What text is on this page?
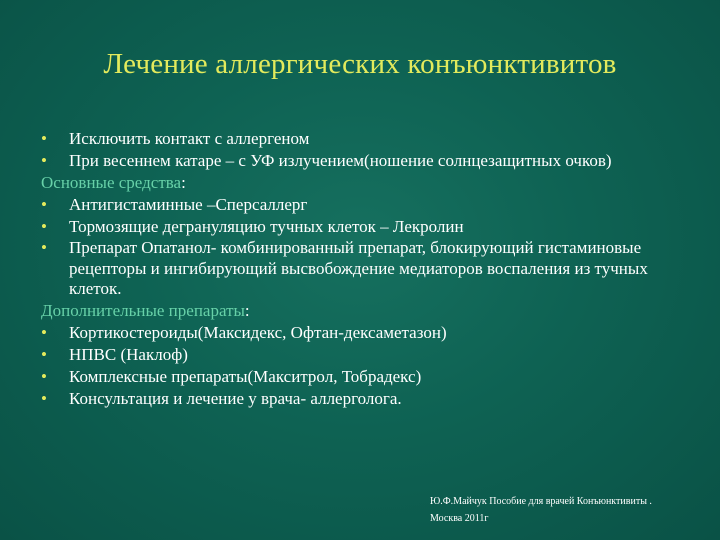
Лечение аллергических конъюнктивитов
•	Исключить контакт с аллергеном
•	При весеннем катаре – с УФ излучением(ношение солнцезащитных очков)
Основные средства:
•	Антигистаминные –Сперсаллерг
•	Тормозящие дегрануляцию тучных клеток – Лекролин
•	Препарат Опатанол- комбинированный препарат, блокирующий гистаминовые рецепторы и ингибирующий высвобождение медиаторов воспаления из тучных клеток.
Дополнительные препараты:
•	Кортикостероиды(Максидекс, Офтан-дексаметазон)
•	НПВС (Наклоф)
•	Комплексные препараты(Макситрол, Тобрадекс)
•	Консультация и лечение у врача- аллерголога.
Ю.Ф.Майчук Пособие для врачей Конъюнктивиты .
Москва 2011г
